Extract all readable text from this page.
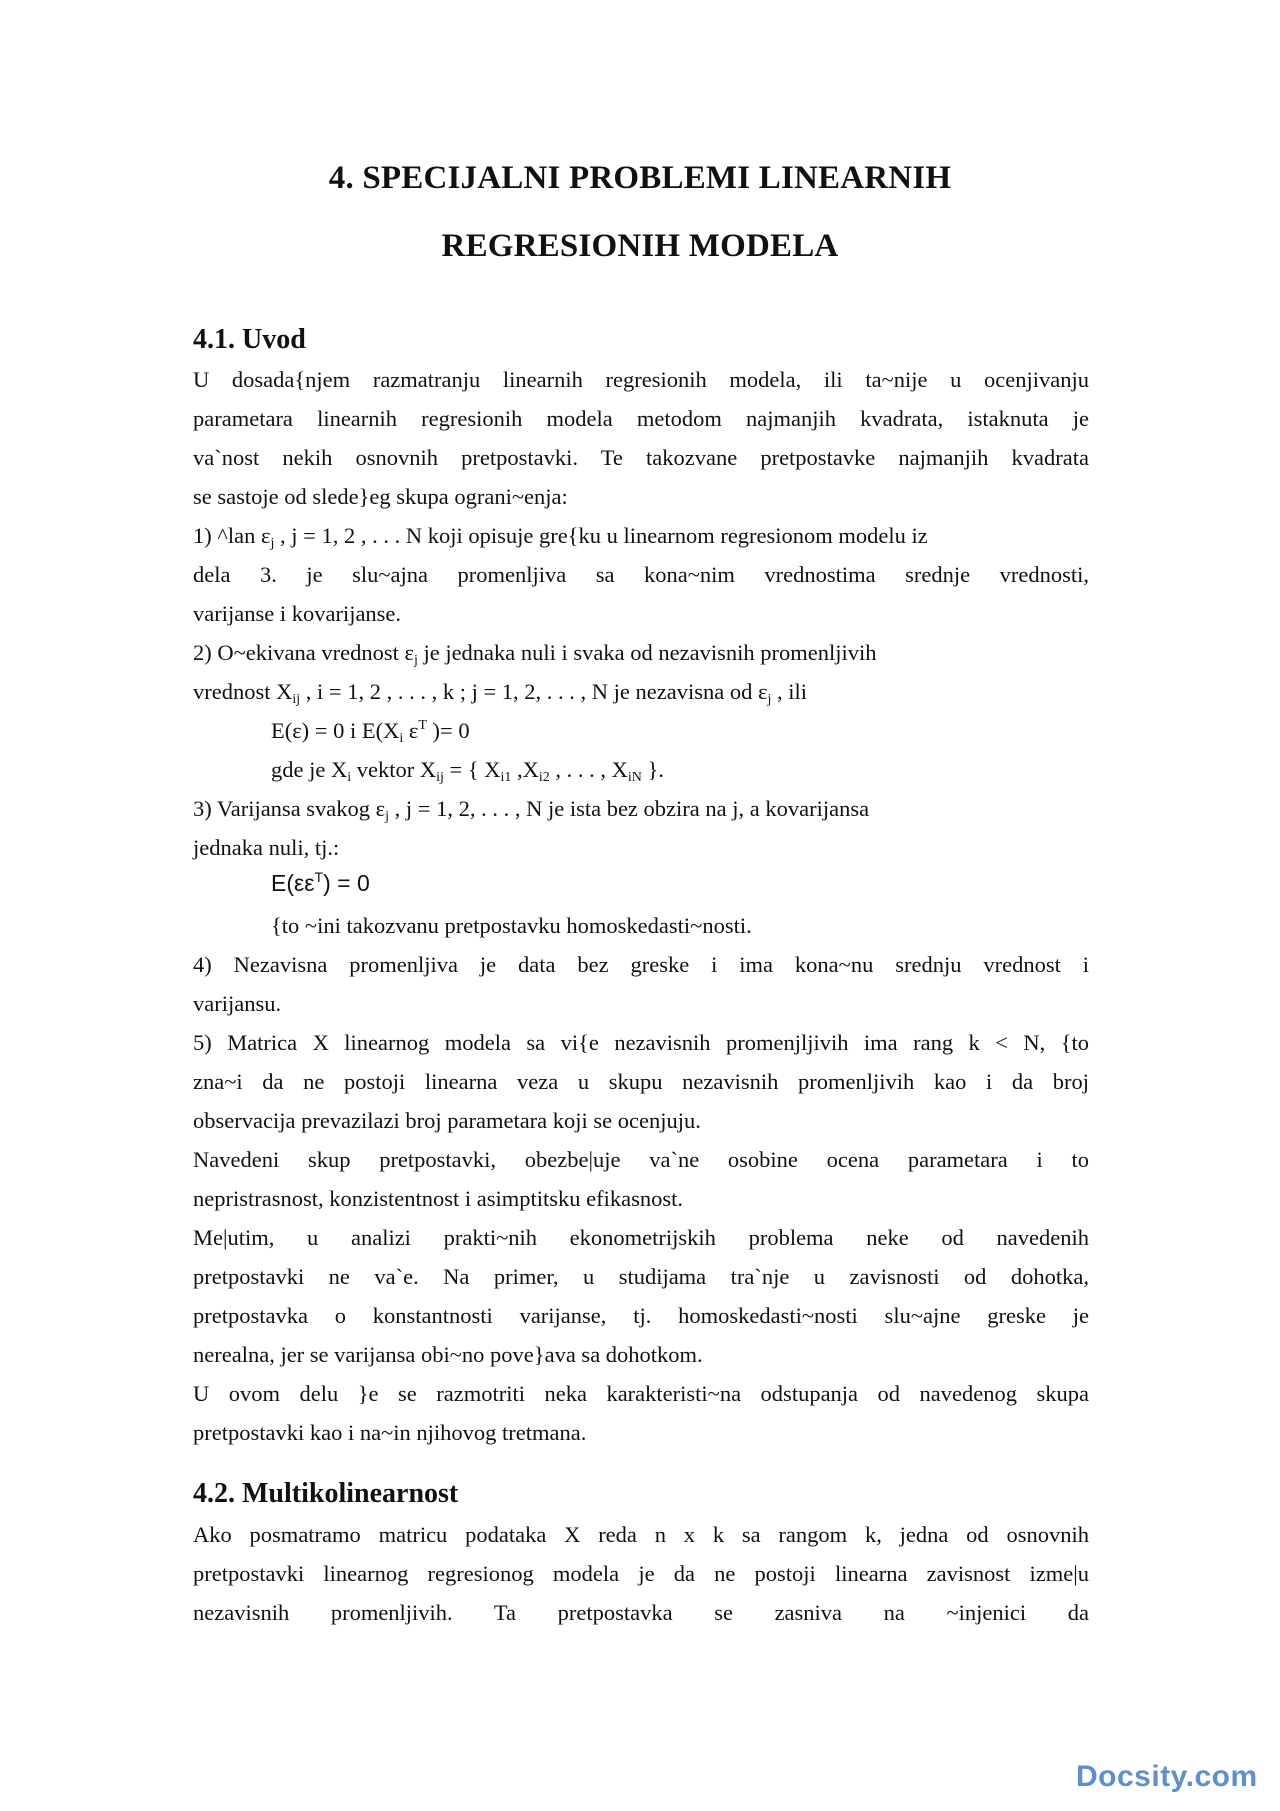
4. SPECIJALNI PROBLEMI LINEARNIH
REGRESIONIH MODELA
4.1. Uvod
U dosada{njem razmatranju linearnih regresionih modela, ili ta~nije u ocenjivanju
parametara linearnih regresionih modela metodom najmanjih kvadrata, istaknuta je
va`nost nekih osnovnih pretpostavki. Te takozvane pretpostavke najmanjih kvadrata
se sastoje od slede}eg skupa ograni~enja:
1) ^lan $\varepsilon_j$ , j = 1, 2 , . . . N koji opisuje gre{ku u linearnom regresionom modelu iz
dela 3. je slu~ajna promenljiva sa kona~nim vrednostima srednje vrednosti,
varijanse i kovarijanse.
2) O~ekivana vrednost $\varepsilon_j$ je jednaka nuli i svaka od nezavisnih promenljivih
vrednost $X_{ij}$ , i = 1, 2 , . . . , k ; j = 1, 2, . . . , N je nezavisna od $\varepsilon_j$ , ili
E(ε) = 0 i $E(X_i$ $\varepsilon^T$ )= 0
gde je $X_i$ vektor $X_{ij}$ = { $X_{i1}$ $,X_{i2}$ , . . . , $X_{iN}$ }.
3) Varijansa svakog $\varepsilon_j$ , j = 1, 2, . . . , N je ista bez obzira na j, a kovarijansa
jednaka nuli, tj.:
$E(\varepsilon\varepsilon^T) = 0$
{to ~ini takozvanu pretpostavku homoskedasti~nosti.
4) Nezavisna promenljiva je data bez greske i ima kona~nu srednju vrednost i
varijansu.
5) Matrica X linearnog modela sa vi{e nezavisnih promenjljivih ima rang k < N, {to
zna~i da ne postoji linearna veza u skupu nezavisnih promenljivih kao i da broj
observacija prevazilazi broj parametara koji se ocenjuju.
Navedeni skup pretpostavki, obezbe|uje va`ne osobine ocena parametara i to
nepristrasnost, konzistentnost i asimptitsku efikasnost.
Me|utim, u analizi prakti~nih ekonometrijskih problema neke od navedenih
pretpostavki ne va`e. Na primer, u studijama tra`nje u zavisnosti od dohotka,
pretpostavka o konstantnosti varijanse, tj. homoskedasti~nosti slu~ajne greske je
nerealna, jer se varijansa obi~no pove}ava sa dohotkom.
U ovom delu }e se razmotriti neka karakteristi~na odstupanja od navedenog skupa
pretpostavki kao i na~in njihovog tretmana.
4.2. Multikolinearnost
Ako posmatramo matricu podataka X reda n x k sa rangom k, jedna od osnovnih
pretpostavki linearnog regresionog modela je da ne postoji linearna zavisnost izme|u
nezavisnih promenljivih. Ta pretpostavka se zasniva na ~injenici da
Docsity.com
